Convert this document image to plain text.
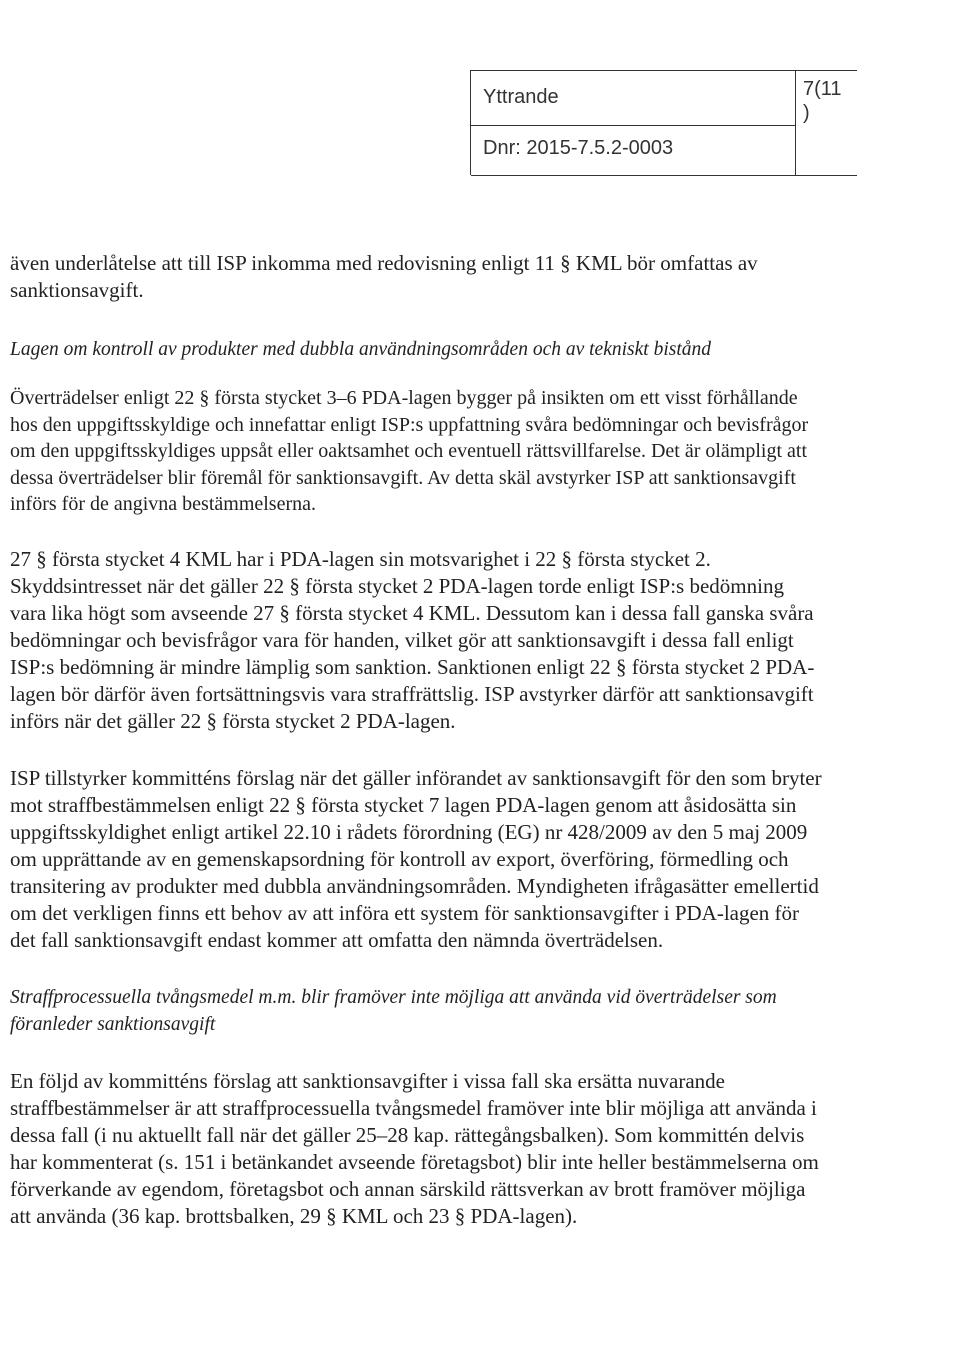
Yttrande
Dnr: 2015-7.5.2-0003
7(11
)

även underlåtelse att till ISP inkomma med redovisning enligt 11 § KML bör omfattas av sanktionsavgift.

Lagen om kontroll av produkter med dubbla användningsområden och av tekniskt bistånd

Överträdelser enligt 22 § första stycket 3–6 PDA-lagen bygger på insikten om ett visst förhållande hos den uppgiftsskyldige och innefattar enligt ISP:s uppfattning svåra bedömningar och bevisfrågor om den uppgiftsskyldiges uppsåt eller oaktsamhet och eventuell rättsvillfarelse. Det är olämpligt att dessa överträdelser blir föremål för sanktionsavgift. Av detta skäl avstyrker ISP att sanktionsavgift införs för de angivna bestämmelserna.

27 § första stycket 4 KML har i PDA-lagen sin motsvarighet i 22 § första stycket 2. Skyddsintresset när det gäller 22 § första stycket 2 PDA-lagen torde enligt ISP:s bedömning vara lika högt som avseende 27 § första stycket 4 KML. Dessutom kan i dessa fall ganska svåra bedömningar och bevisfrågor vara för handen, vilket gör att sanktionsavgift i dessa fall enligt ISP:s bedömning är mindre lämplig som sanktion. Sanktionen enligt 22 § första stycket 2 PDA-lagen bör därför även fortsättningsvis vara straffrättslig. ISP avstyrker därför att sanktionsavgift införs när det gäller 22 § första stycket 2 PDA-lagen.

ISP tillstyrker kommitténs förslag när det gäller införandet av sanktionsavgift för den som bryter mot straffbestämmelsen enligt 22 § första stycket 7 lagen PDA-lagen genom att åsidosätta sin uppgiftsskyldighet enligt artikel 22.10 i rådets förordning (EG) nr 428/2009 av den 5 maj 2009 om upprättande av en gemenskapsordning för kontroll av export, överföring, förmedling och transitering av produkter med dubbla användningsområden. Myndigheten ifrågasätter emellertid om det verkligen finns ett behov av att införa ett system för sanktionsavgifter i PDA-lagen för det fall sanktionsavgift endast kommer att omfatta den nämnda överträdelsen.

Straffprocessuella tvångsmedel m.m. blir framöver inte möjliga att använda vid överträdelser som föranleder sanktionsavgift

En följd av kommitténs förslag att sanktionsavgifter i vissa fall ska ersätta nuvarande straffbestämmelser är att straffprocessuella tvångsmedel framöver inte blir möjliga att använda i dessa fall (i nu aktuellt fall när det gäller 25–28 kap. rättegångsbalken). Som kommittén delvis har kommenterat (s. 151 i betänkandet avseende företagsbot) blir inte heller bestämmelserna om förverkande av egendom, företagsbot och annan särskild rättsverkan av brott framöver möjliga att använda (36 kap. brottsbalken, 29 § KML och 23 § PDA-lagen).
